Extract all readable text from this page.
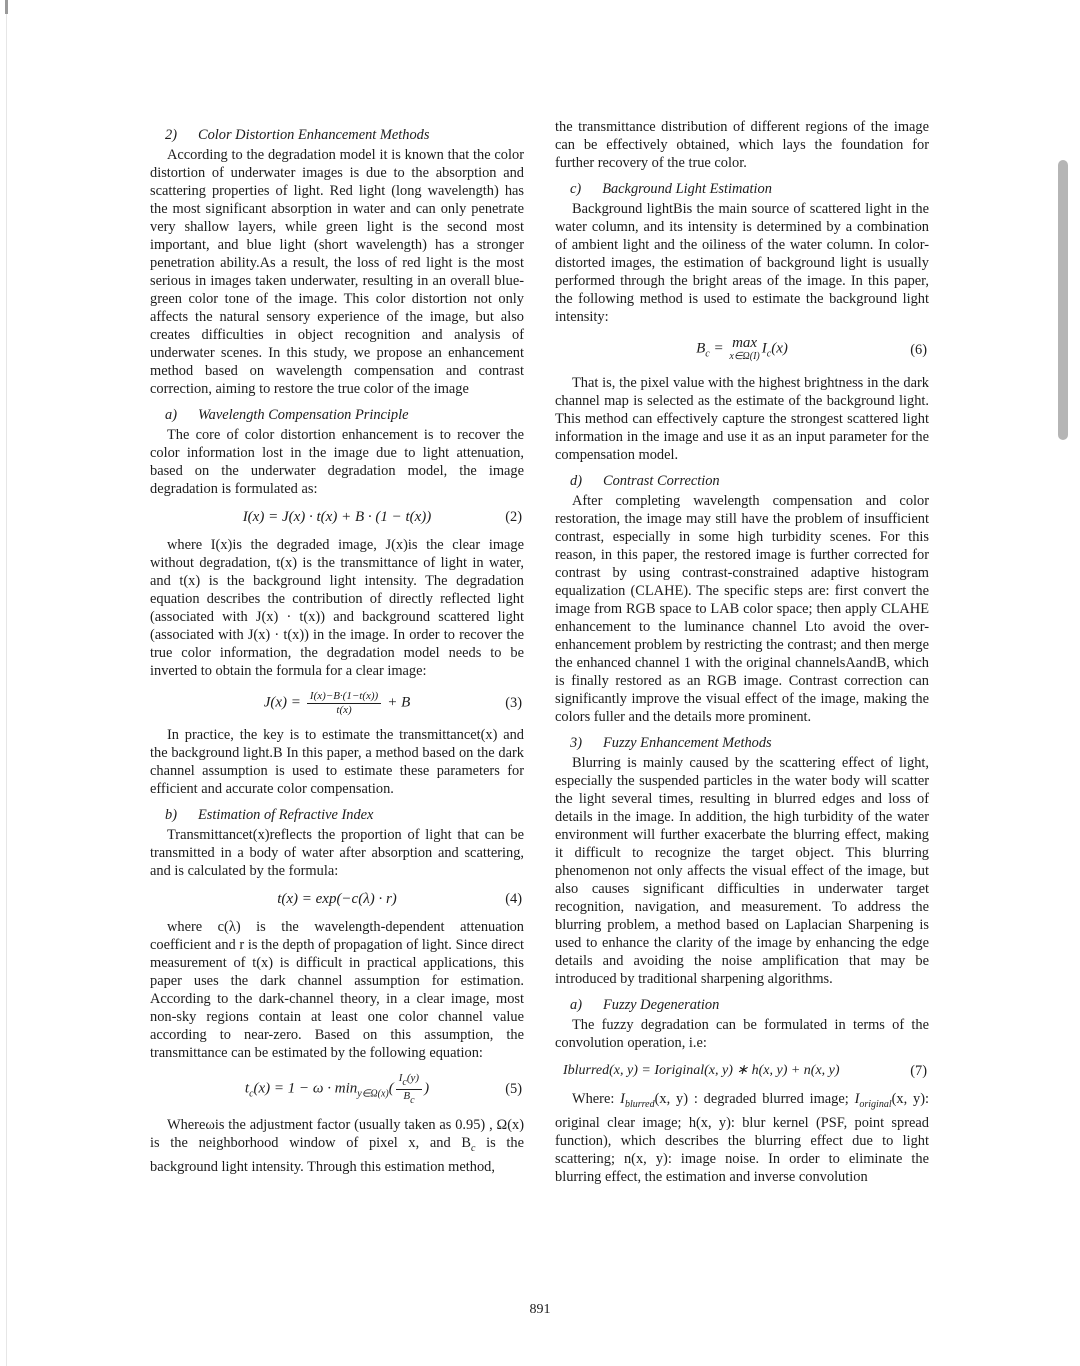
2) Color Distortion Enhancement Methods

According to the degradation model it is known that the color distortion of underwater images is due to the absorption and scattering properties of light. Red light (long wavelength) has the most significant absorption in water and can only penetrate very shallow layers, while green light is the second most important, and blue light (short wavelength) has a stronger penetration ability.As a result, the loss of red light is the most serious in images taken underwater, resulting in an overall blue-green color tone of the image. This color distortion not only affects the natural sensory experience of the image, but also creates difficulties in object recognition and analysis of underwater scenes. In this study, we propose an enhancement method based on wavelength compensation and contrast correction, aiming to restore the true color of the image

a) Wavelength Compensation Principle

The core of color distortion enhancement is to recover the color information lost in the image due to light attenuation, based on the underwater degradation model, the image degradation is formulated as:

I(x) = J(x) · t(x) + B · (1 − t(x))	(2)

where I(x)is the degraded image, J(x)is the clear image without degradation, t(x) is the transmittance of light in water, and t(x) is the background light intensity. The degradation equation describes the contribution of directly reflected light (associated with J(x) · t(x)) and background scattered light (associated with J(x) · t(x)) in the image. In order to recover the true color information, the degradation model needs to be inverted to obtain the formula for a clear image:

$J(x) = \frac{I(x)-B\cdot(1-t(x))}{t(x)} + B$	(3)

In practice, the key is to estimate the transmittancet(x) and the background light.B In this paper, a method based on the dark channel assumption is used to estimate these parameters for efficient and accurate color compensation.

b) Estimation of Refractive Index

Transmittancet(x)reflects the proportion of light that can be transmitted in a body of water after absorption and scattering, and is calculated by the formula:

t(x) = exp(−c(λ) · r)	(4)

where c(λ) is the wavelength-dependent attenuation coefficient and r is the depth of propagation of light. Since direct measurement of t(x) is difficult in practical applications, this paper uses the dark channel assumption for estimation. According to the dark-channel theory, in a clear image, most non-sky regions contain at least one color channel value according to near-zero. Based on this assumption, the transmittance can be estimated by the following equation:

$t_c(x) = 1 - \omega \cdot \min_{y\in\Omega(x)}( \frac{Ic(y)}{Bc}$ )	(5)

Whereωis the adjustment factor (usually taken as 0.95) , Ω(x) is the neighborhood window of pixel x, and $B_c$ is the background light intensity. Through this estimation method,

the transmittance distribution of different regions of the image can be effectively obtained, which lays the foundation for further recovery of the true color.

c) Background Light Estimation

Background lightBis the main source of scattered light in the water column, and its intensity is determined by a combination of ambient light and the oiliness of the water column. In color-distorted images, the estimation of background light is usually performed through the bright areas of the image. In this paper, the following method is used to estimate the background light intensity:

$B_c = \max$
x∈Ω(I) $I_c(x)$	(6)

That is, the pixel value with the highest brightness in the dark channel map is selected as the estimate of the background light. This method can effectively capture the strongest scattered light information in the image and use it as an input parameter for the compensation model.

d) Contrast Correction

After completing wavelength compensation and color restoration, the image may still have the problem of insufficient contrast, especially in some high turbidity scenes. For this reason, in this paper, the restored image is further corrected for contrast by using contrast-constrained adaptive histogram equalization (CLAHE). The specific steps are: first convert the image from RGB space to LAB color space; then apply CLAHE enhancement to the luminance channel Lto avoid the over-enhancement problem by restricting the contrast; and then merge the enhanced channel 1 with the original channelsAandB, which is finally restored as an RGB image. Contrast correction can significantly improve the visual effect of the image, making the colors fuller and the details more prominent.

3) Fuzzy Enhancement Methods

Blurring is mainly caused by the scattering effect of light, especially the suspended particles in the water body will scatter the light several times, resulting in blurred edges and loss of details in the image. In addition, the high turbidity of the water environment will further exacerbate the blurring effect, making it difficult to recognize the target object. This blurring phenomenon not only affects the visual effect of the image, but also causes significant difficulties in underwater target recognition, navigation, and measurement. To address the blurring problem, a method based on Laplacian Sharpening is used to enhance the clarity of the image by enhancing the edge details and avoiding the noise amplification that may be introduced by traditional sharpening algorithms.

a) Fuzzy Degeneration

The fuzzy degradation can be formulated in terms of the convolution operation, i.e:

Iblurred(x, y) = Ioriginal(x, y) ∗ h(x, y) + n(x, y)	(7)

Where: $I_{blurred}(x$, y) : degraded blurred image; $I_{original}(x$, y): original clear image; h(x, y): blur kernel (PSF, point spread function), which describes the blurring effect due to light scattering; n(x, y): image noise. In order to eliminate the blurring effect, the estimation and inverse convolution

891
